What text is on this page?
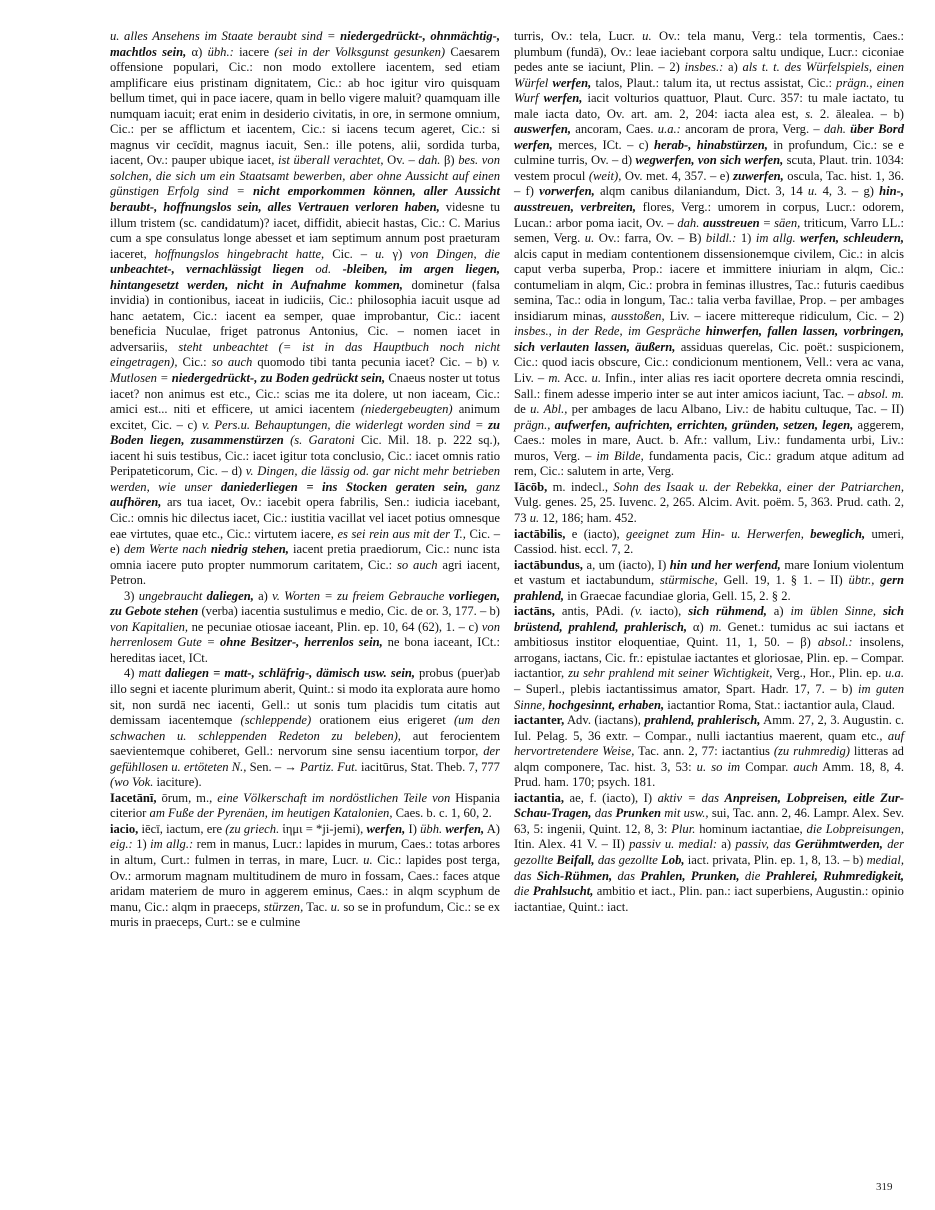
u. alles Ansehens im Staate beraubt sind = niedergedrückt-, ohnmächtig-, machtlos sein, α) übh.: iacere (sei in der Volksgunst gesunken) Caesarem offensione populari, Cic.: non modo extollere iacentem, sed etiam amplificare eius pristinam dignitatem, Cic.: ab hoc igitur viro quisquam bellum timet, qui in pace iacere, quam in bello vigere maluit? quamquam ille numquam iacuit; erat enim in desiderio civitatis, in ore, in sermone omnium, Cic.: per se afflictum et iacentem, Cic.: si iacens tecum ageret, Cic.: si magnus vir cecīdit, magnus iacuit, Sen.: ille potens, alii, sordida turba, iacent, Ov.: pauper ubique iacet, ist überall verachtet, Ov. – dah. β) bes. von solchen, die sich um ein Staatsamt bewerben, aber ohne Aussicht auf einen günstigen Erfolg sind = nicht emporkommen können, aller Aussicht beraubt-, hoffnungslos sein, alles Vertrauen verloren haben, videsne tu illum tristem (sc. candidatum)? iacet, diffidit, abiecit hastas, Cic.: C. Marius cum a spe consulatus longe abesset et iam septimum annum post praeturam iaceret, hoffnungslos hingebracht hatte, Cic. – u. γ) von Dingen, die unbeachtet-, vernachlässigt liegen od. -bleiben, im argen liegen, hintangesetzt werden, nicht in Aufnahme kommen, dominetur (falsa invidia) in contionibus, iaceat in iudiciis, Cic.: philosophia iacuit usque ad hanc aetatem, Cic.: iacent ea semper, quae improbantur, Cic.: iacent beneficia Nuculae, friget patronus Antonius, Cic. – nomen iacet in adversariis, steht unbeachtet (= ist in das Hauptbuch noch nicht eingetragen), Cic.: so auch quomodo tibi tanta pecunia iacet? Cic. – b) v. Mutlosen = niedergedrückt-, zu Boden gedrückt sein, Cnaeus noster ut totus iacet? non animus est etc., Cic.: scias me ita dolere, ut non iaceam, Cic.: amici est... niti et efficere, ut amici iacentem (niedergebeugten) animum excitet, Cic. – c) v. Pers.u. Behauptungen, die widerlegt worden sind = zu Boden liegen, zusammenstürzen (s. Garatoni Cic. Mil. 18. p. 222 sq.), iacent hi suis testibus, Cic.: iacet igitur tota conclusio, Cic.: iacet omnis ratio Peripateticorum, Cic. – d) v. Dingen, die lässig od. gar nicht mehr betrieben werden, wie unser daniederliegen = ins Stocken geraten sein, ganz aufhören, ars tua iacet, Ov.: iacebit opera fabrilis, Sen.: iudicia iacebant, Cic.: omnis hic dilectus iacet, Cic.: iustitia vacillat vel iacet potius omnesque eae virtutes, quae etc., Cic.: virtutem iacere, es sei rein aus mit der T., Cic. – e) dem Werte nach niedrig stehen, iacent pretia praediorum, Cic.: nunc ista omnia iacere puto propter nummorum caritatem, Cic.: so auch agri iacent, Petron.

3) ungebraucht daliegen, a) v. Worten = zu freiem Gebrauche vorliegen, zu Gebote stehen (verba) iacentia sustulimus e medio, Cic. de or. 3, 177. – b) von Kapitalien, ne pecuniae otiosae iaceant, Plin. ep. 10, 64 (62), 1. – c) von herrenlosem Gute = ohne Besitzer-, herrenlos sein, ne bona iaceant, ICt.: hereditas iacet, ICt.

4) matt daliegen = matt-, schläfrig-, dämisch usw. sein, probus (puer)ab illo segni et iacente plurimum aberit, Quint.: si modo ita explorata aure homo sit, non surdā nec iacenti, Gell.: ut sonis tum placidis tum citatis aut demissam iacentemque (schleppende) orationem eius erigeret (um den schwachen u. schleppenden Redeton zu beleben), aut ferocientem saevientemque cohiberet, Gell.: nervorum sine sensu iacentium torpor, der gefühllosen u. ertöteten N., Sen. – → Partiz. Fut. iacitūrus, Stat. Theb. 7, 777 (wo Vok. iaciture).

Iacetānī, ōrum, m., eine Völkerschaft im nordöstlichen Teile von Hispania citerior am Fuße der Pyrenäen, im heutigen Katalonien, Caes. b. c. 1, 60, 2.

iacio, iēcī, iactum, ere (zu griech. ἱημι = *ji-jemi), werfen, I) übh. werfen, A) eig.: 1) im allg.: rem in manus, Lucr.: lapides in murum, Caes.: totas arbores in altum, Curt.: fulmen in terras, in mare, Lucr. u. Cic.: lapides post terga, Ov.: armorum magnam multitudinem de muro in fossam, Caes.: faces atque aridam materiem de muro in aggerem eminus, Caes.: in alqm scyphum de manu, Cic.: alqm in praeceps, stürzen, Tac. u. so se in profundum, Cic.: se ex muris in praeceps, Curt.: se e culmine

turris, Ov.: tela, Lucr. u. Ov.: tela manu, Verg.: tela tormentis, Caes.: plumbum (fundā), Ov.: leae iaciebant corpora saltu undique, Lucr.: ciconiae pedes ante se iaciunt, Plin. – 2) insbes.: a) als t. t. des Würfelspiels, einen Würfel werfen, talos, Plaut.: talum ita, ut rectus assistat, Cic.: prägn., einen Wurf werfen, iacit volturios quattuor, Plaut. Curc. 357: tu male iactato, tu male iacta dato, Ov. art. am. 2, 204: iacta alea est, s. 2. ālealea. – b) auswerfen, ancoram, Caes. u.a.: ancoram de prora, Verg. – dah. über Bord werfen, merces, ICt. – c) herab-, hinabstürzen, in profundum, Cic.: se e culmine turris, Ov. – d) wegwerfen, von sich werfen, scuta, Plaut. trin. 1034: vestem procul (weit), Ov. met. 4, 357. – e) zuwerfen, oscula, Tac. hist. 1, 36. – f) vorwerfen, alqm canibus dilaniandum, Dict. 3, 14 u. 4, 3. – g) hin-, ausstreuen, verbreiten, flores, Verg.: umorem in corpus, Lucr.: odorem, Lucan.: arbor poma iacit, Ov. – dah. ausstreuen = säen, triticum, Varro LL.: semen, Verg. u. Ov.: farra, Ov. – B) bildl.: 1) im allg. werfen, schleudern, alcis caput in mediam contentionem dissensionemque civilem, Cic.: in alcis caput verba superba, Prop.: iacere et immittere iniuriam in alqm, Cic.: contumeliam in alqm, Cic.: probra in feminas illustres, Tac.: futuris caedibus semina, Tac.: odia in longum, Tac.: talia verba favillae, Prop. – per ambages insidiarum minas, ausstoßen, Liv. – iacere mittereque ridiculum, Cic. – 2) insbes., in der Rede, im Gespräche hinwerfen, fallen lassen, vorbringen, sich verlauten lassen, äußern, assiduas querelas, Cic. poët.: suspicionem, Cic.: quod iacis obscure, Cic.: condicionum mentionem, Vell.: vera ac vana, Liv. – m. Acc. u. Infin., inter alias res iacit oportere decreta omnia rescindi, Sall.: finem adesse imperio inter se aut inter amicos iaciunt, Tac. – absol. m. de u. Abl., per ambages de lacu Albano, Liv.: de habitu cultuque, Tac. – II) prägn., aufwerfen, aufrichten, errichten, gründen, setzen, legen, aggerem, Caes.: moles in mare, Auct. b. Afr.: vallum, Liv.: fundamenta urbi, Liv.: muros, Verg. – im Bilde, fundamenta pacis, Cic.: gradum atque aditum ad rem, Cic.: salutem in arte, Verg.

Iācōb, m. indecl., Sohn des Isaak u. der Rebekka, einer der Patriarchen, Vulg. genes. 25, 25. Iuvenc. 2, 265. Alcim. Avit. poëm. 5, 363. Prud. cath. 2, 73 u. 12, 186; ham. 452.

iactābilis, e (iacto), geeignet zum Hin- u. Herwerfen, beweglich, umeri, Cassiod. hist. eccl. 7, 2.

iactābundus, a, um (iacto), I) hin und her werfend, mare Ionium violentum et vastum et iactabundum, stürmische, Gell. 19, 1. § 1. – II) übtr., gern prahlend, in Graecae facundiae gloria, Gell. 15, 2. § 2.

iactāns, antis, PAdi. (v. iacto), sich rühmend, a) im üblen Sinne, sich brüstend, prahlend, prahlerisch, α) m. Genet.: tumidus ac sui iactans et ambitiosus institor eloquentiae, Quint. 11, 1, 50. – β) absol.: insolens, arrogans, iactans, Cic. fr.: epistulae iactantes et gloriosae, Plin. ep. – Compar. iactantior, zu sehr prahlend mit seiner Wichtigkeit, Verg., Hor., Plin. ep. u.a. – Superl., plebis iactantissimus amator, Spart. Hadr. 17, 7. – b) im guten Sinne, hochgesinnt, erhaben, iactantior Roma, Stat.: iactantior aula, Claud.

iactanter, Adv. (iactans), prahlend, prahlerisch, Amm. 27, 2, 3. Augustin. c. Iul. Pelag. 5, 36 extr. – Compar., nulli iactantius maerent, quam etc., auf hervortretendere Weise, Tac. ann. 2, 77: iactantius (zu ruhmredig) litteras ad alqm componere, Tac. hist. 3, 53: u. so im Compar. auch Amm. 18, 8, 4. Prud. ham. 170; psych. 181.

iactantia, ae, f. (iacto), I) aktiv = das Anpreisen, Lobpreisen, eitle Zur-Schau-Tragen, das Prunken mit usw., sui, Tac. ann. 2, 46. Lampr. Alex. Sev. 63, 5: ingenii, Quint. 12, 8, 3: Plur. hominum iactantiae, die Lobpreisungen, Itin. Alex. 41 V. – II) passiv u. medial: a) passiv, das Gerühmtwerden, der gezollte Beifall, das gezollte Lob, iact. privata, Plin. ep. 1, 8, 13. – b) medial, das Sich-Rühmen, das Prahlen, Prunken, die Prahlerei, Ruhmredigkeit, die Prahlsucht, ambitio et iact., Plin. pan.: iact superbiens, Augustin.: opinio iactantiae, Quint.: iact.

319
